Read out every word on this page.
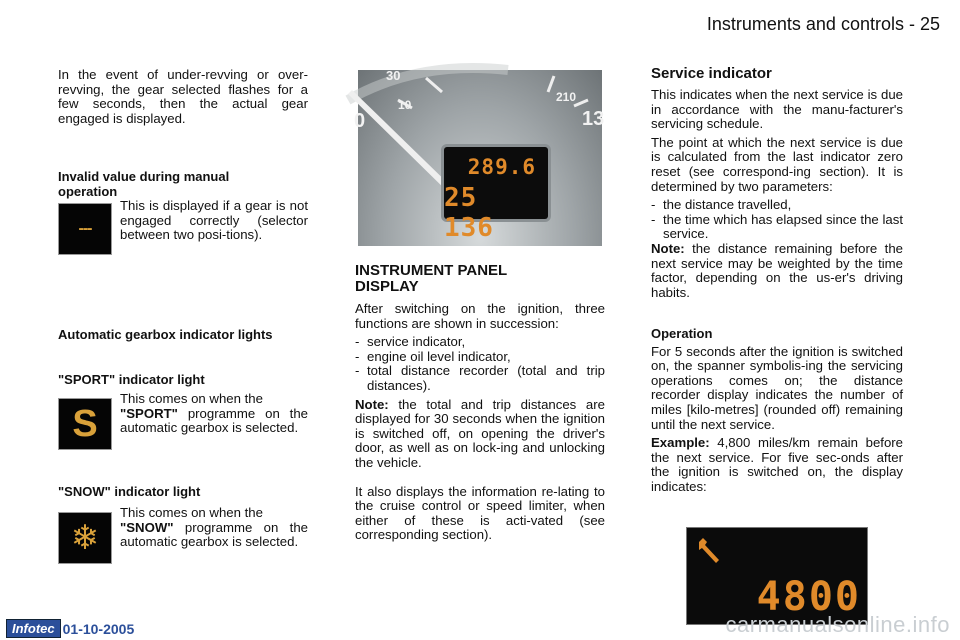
Instruments and controls - 25

In the event of under-revving or over-revving, the gear selected flashes for a few seconds, then the actual gear engaged is displayed.

Invalid value during manual operation

This is displayed if a gear is not engaged correctly (selector between two posi-tions).

---

Automatic gearbox indicator lights

"SPORT" indicator light

This comes on when the
"SPORT" programme on the automatic gearbox is selected.

S

"SNOW" indicator light

This comes on when the
"SNOW" programme on the automatic gearbox is selected.

❄
30
10
0
210
13
289.6
25 136

INSTRUMENT PANEL DISPLAY

After switching on the ignition, three functions are shown in succession:

- service indicator,
- engine oil level indicator,
- total distance recorder (total and trip distances).

Note: the total and trip distances are displayed for 30 seconds when the ignition is switched off, on opening the driver's door, as well as on lock-ing and unlocking the vehicle.

It also displays the information re-lating to the cruise control or speed limiter, when either of these is acti-vated (see corresponding section).

Service indicator

This indicates when the next service is due in accordance with the manu-facturer's servicing schedule.

The point at which the next service is due is calculated from the last indicator zero reset (see correspond-ing section). It is determined by two parameters:

- the distance travelled,
- the time which has elapsed since the last service.

Note: the distance remaining before the next service may be weighted by the time factor, depending on the us-er's driving habits.

Operation

For 5 seconds after the ignition is switched on, the spanner symbolis-ing the servicing operations comes on; the distance recorder display indicates the number of miles [kilo-metres] (rounded off) remaining until the next service.

Example: 4,800 miles/km remain before the next service. For five sec-onds after the ignition is switched on, the display indicates:

4800
Infotec 01-10-2005	carmanualsonline.info
